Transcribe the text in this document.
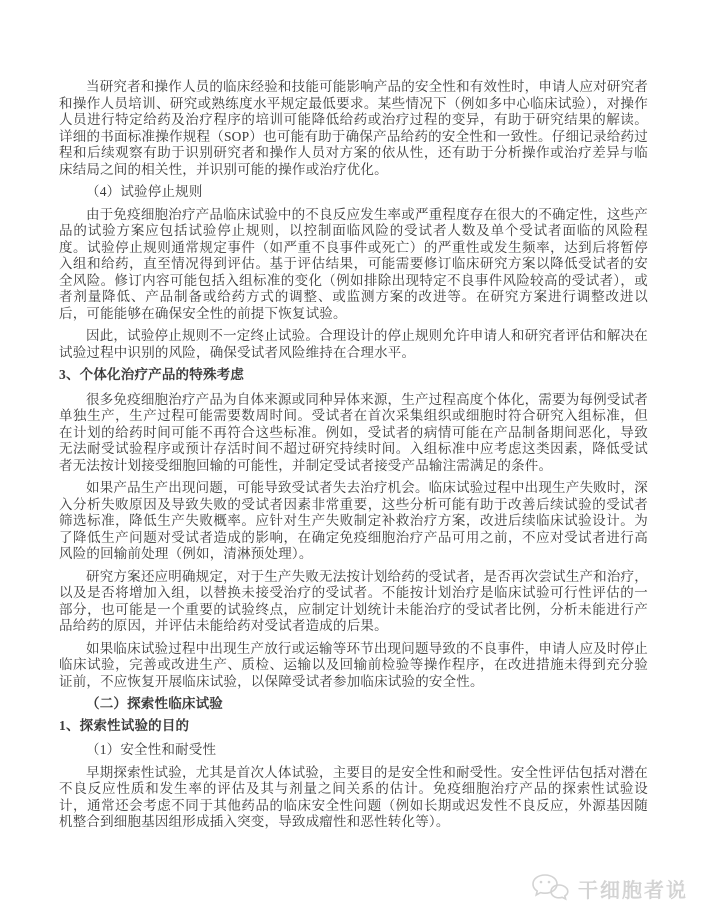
当研究者和操作人员的临床经验和技能可能影响产品的安全性和有效性时，申请人应对研究者和操作人员培训、研究或熟练度水平规定最低要求。某些情况下（例如多中心临床试验），对操作人员进行特定给药及治疗程序的培训可能降低给药或治疗过程的变异，有助于研究结果的解读。详细的书面标准操作规程（SOP）也可能有助于确保产品给药的安全性和一致性。仔细记录给药过程和后续观察有助于识别研究者和操作人员对方案的依从性，还有助于分析操作或治疗差异与临床结局之间的相关性，并识别可能的操作或治疗优化。

（4）试验停止规则

由于免疫细胞治疗产品临床试验中的不良反应发生率或严重程度存在很大的不确定性，这些产品的试验方案应包括试验停止规则，以控制面临风险的受试者人数及单个受试者面临的风险程度。试验停止规则通常规定事件（如严重不良事件或死亡）的严重性或发生频率，达到后将暂停入组和给药，直至情况得到评估。基于评估结果，可能需要修订临床研究方案以降低受试者的安全风险。修订内容可能包括入组标准的变化（例如排除出现特定不良事件风险较高的受试者），或者剂量降低、产品制备或给药方式的调整、或监测方案的改进等。在研究方案进行调整改进以后，可能能够在确保安全性的前提下恢复试验。

因此，试验停止规则不一定终止试验。合理设计的停止规则允许申请人和研究者评估和解决在试验过程中识别的风险，确保受试者风险维持在合理水平。

3、个体化治疗产品的特殊考虑

很多免疫细胞治疗产品为自体来源或同种异体来源，生产过程高度个体化，需要为每例受试者单独生产，生产过程可能需要数周时间。受试者在首次采集组织或细胞时符合研究入组标准，但在计划的给药时间可能不再符合这些标准。例如，受试者的病情可能在产品制备期间恶化，导致无法耐受试验程序或预计存活时间不超过研究持续时间。入组标准中应考虑这类因素，降低受试者无法按计划接受细胞回输的可能性，并制定受试者接受产品输注需满足的条件。

如果产品生产出现问题，可能导致受试者失去治疗机会。临床试验过程中出现生产失败时，深入分析失败原因及导致失败的受试者因素非常重要，这些分析可能有助于改善后续试验的受试者筛选标准，降低生产失败概率。应针对生产失败制定补救治疗方案，改进后续临床试验设计。为了降低生产问题对受试者造成的影响，在确定免疫细胞治疗产品可用之前，不应对受试者进行高风险的回输前处理（例如，清淋预处理）。

研究方案还应明确规定，对于生产失败无法按计划给药的受试者，是否再次尝试生产和治疗，以及是否将增加入组，以替换未接受治疗的受试者。不能按计划治疗是临床试验可行性评估的一部分，也可能是一个重要的试验终点，应制定计划统计未能治疗的受试者比例，分析未能进行产品给药的原因，并评估未能给药对受试者造成的后果。

如果临床试验过程中出现生产放行或运输等环节出现问题导致的不良事件，申请人应及时停止临床试验，完善或改进生产、质检、运输以及回输前检验等操作程序，在改进措施未得到充分验证前，不应恢复开展临床试验，以保障受试者参加临床试验的安全性。

（二）探索性临床试验

1、探索性试验的目的

（1）安全性和耐受性

早期探索性试验，尤其是首次人体试验，主要目的是安全性和耐受性。安全性评估包括对潜在不良反应性质和发生率的评估及其与剂量之间关系的估计。免疫细胞治疗产品的探索性试验设计，通常还会考虑不同于其他药品的临床安全性问题（例如长期或迟发性不良反应，外源基因随机整合到细胞基因组形成插入突变，导致成瘤性和恶性转化等）。

干细胞者说
